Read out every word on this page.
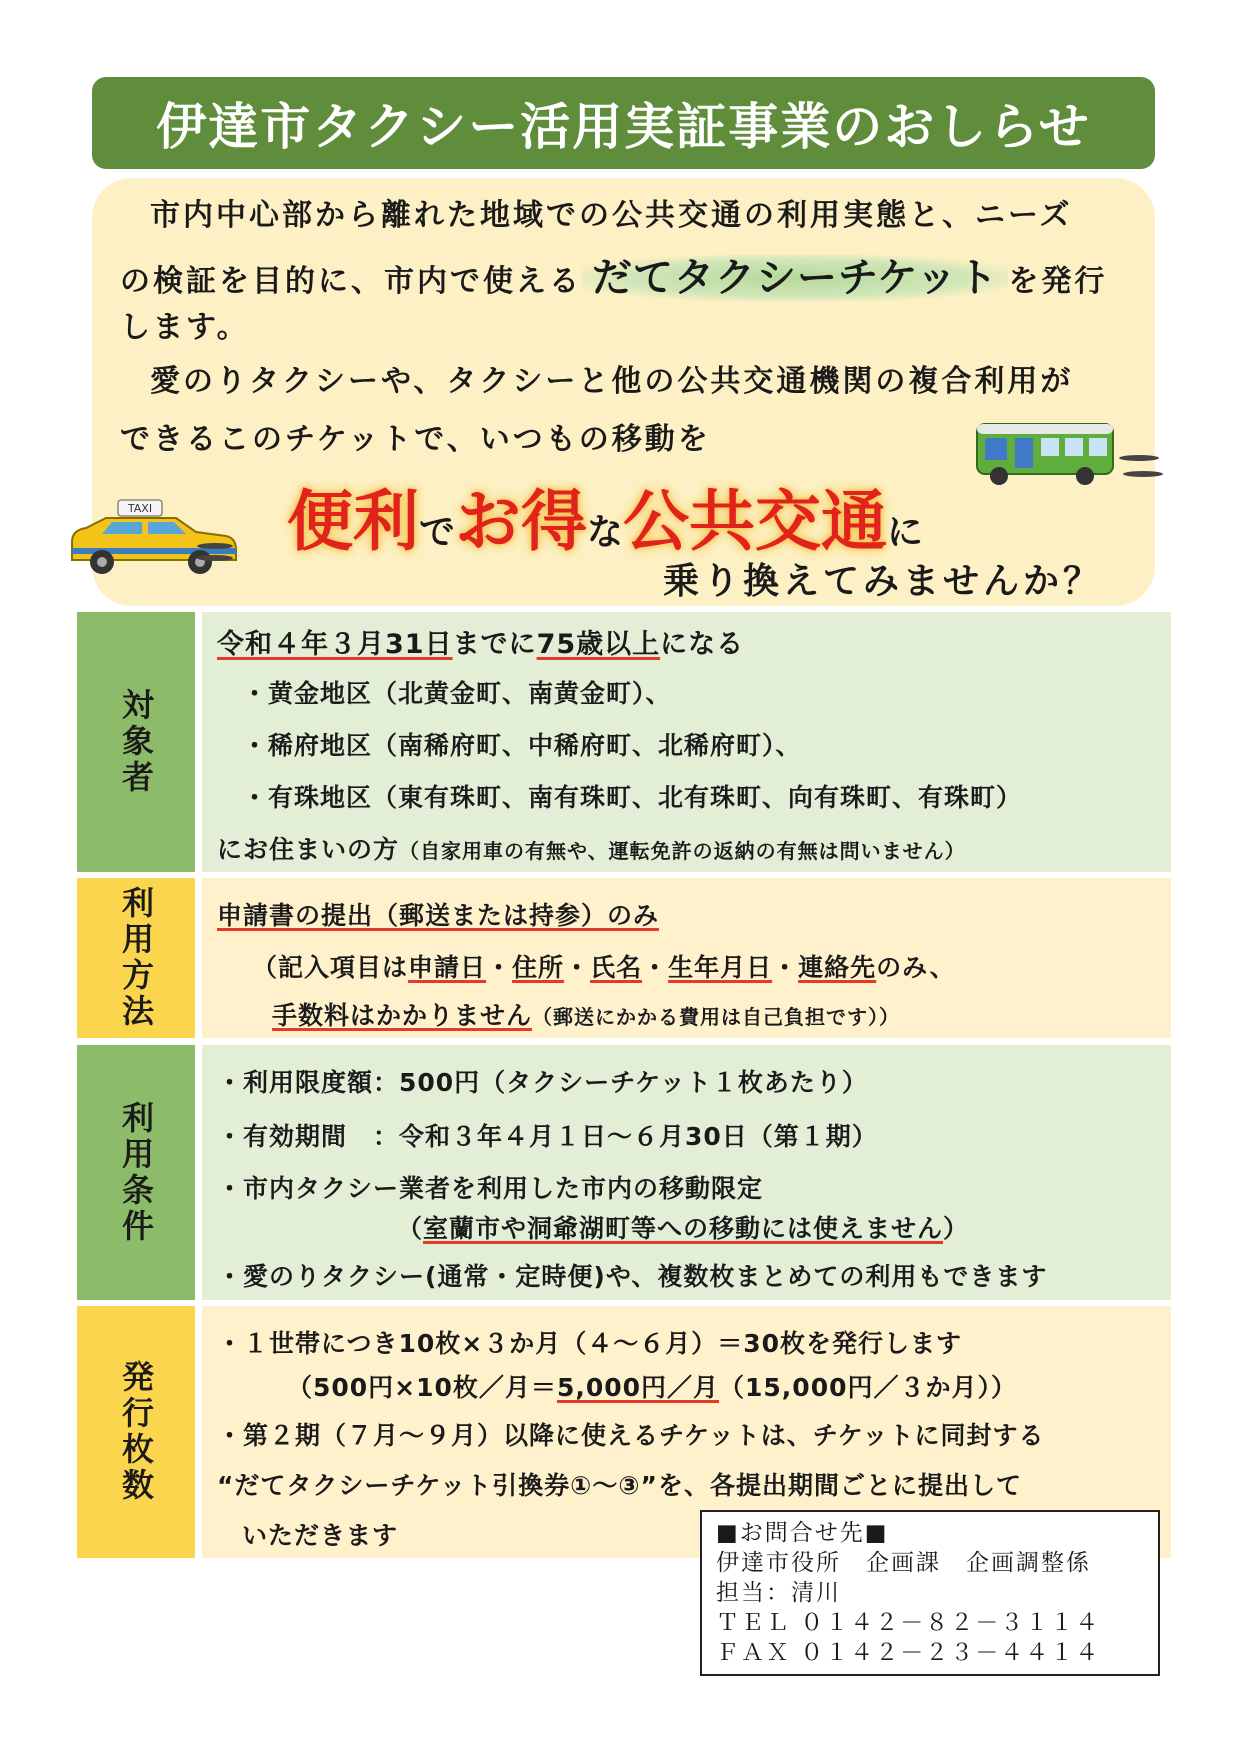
伊達市タクシー活用実証事業のおしらせ
市内中心部から離れた地域での公共交通の利用実態と、ニーズ
の検証を目的に、市内で使える だてタクシーチケット を発行
します。
愛のりタクシーや、タクシーと他の公共交通機関の複合利用が
できるこのチケットで、いつもの移動を
便利でお得な公共交通に
乗り換えてみませんか？
TAXI
対象者
令和４年３月31日までに75歳以上になる
・黄金地区（北黄金町、南黄金町）、
・稀府地区（南稀府町、中稀府町、北稀府町）、
・有珠地区（東有珠町、南有珠町、北有珠町、向有珠町、有珠町）
にお住まいの方（自家用車の有無や、運転免許の返納の有無は問いません）
利用方法 申請書の提出（郵送または持参）のみ
（記入項目は申請日・住所・氏名・生年月日・連絡先のみ、
手数料はかかりません（郵送にかかる費用は自己負担です））
利用条件
・利用限度額：500円（タクシーチケット１枚あたり）
・有効期間　：令和３年４月１日～６月30日（第１期）
・市内タクシー業者を利用した市内の移動限定
（室蘭市や洞爺湖町等への移動には使えません）
・愛のりタクシー(通常・定時便)や、複数枚まとめての利用もできます
発行枚数
・１世帯につき10枚×３か月（４～６月）＝30枚を発行します
（500円×10枚／月＝5,000円／月（15,000円／３か月））
・第２期（７月～９月）以降に使えるチケットは、チケットに同封する
“だてタクシーチケット引換券①～③”を、各提出期間ごとに提出して
いただきます	■お問合せ先■
伊達市役所　企画課　企画調整係
担当：清川
ＴＥＬ ０１４２－８２－３１１４
ＦＡＸ ０１４２－２３－４４１４
